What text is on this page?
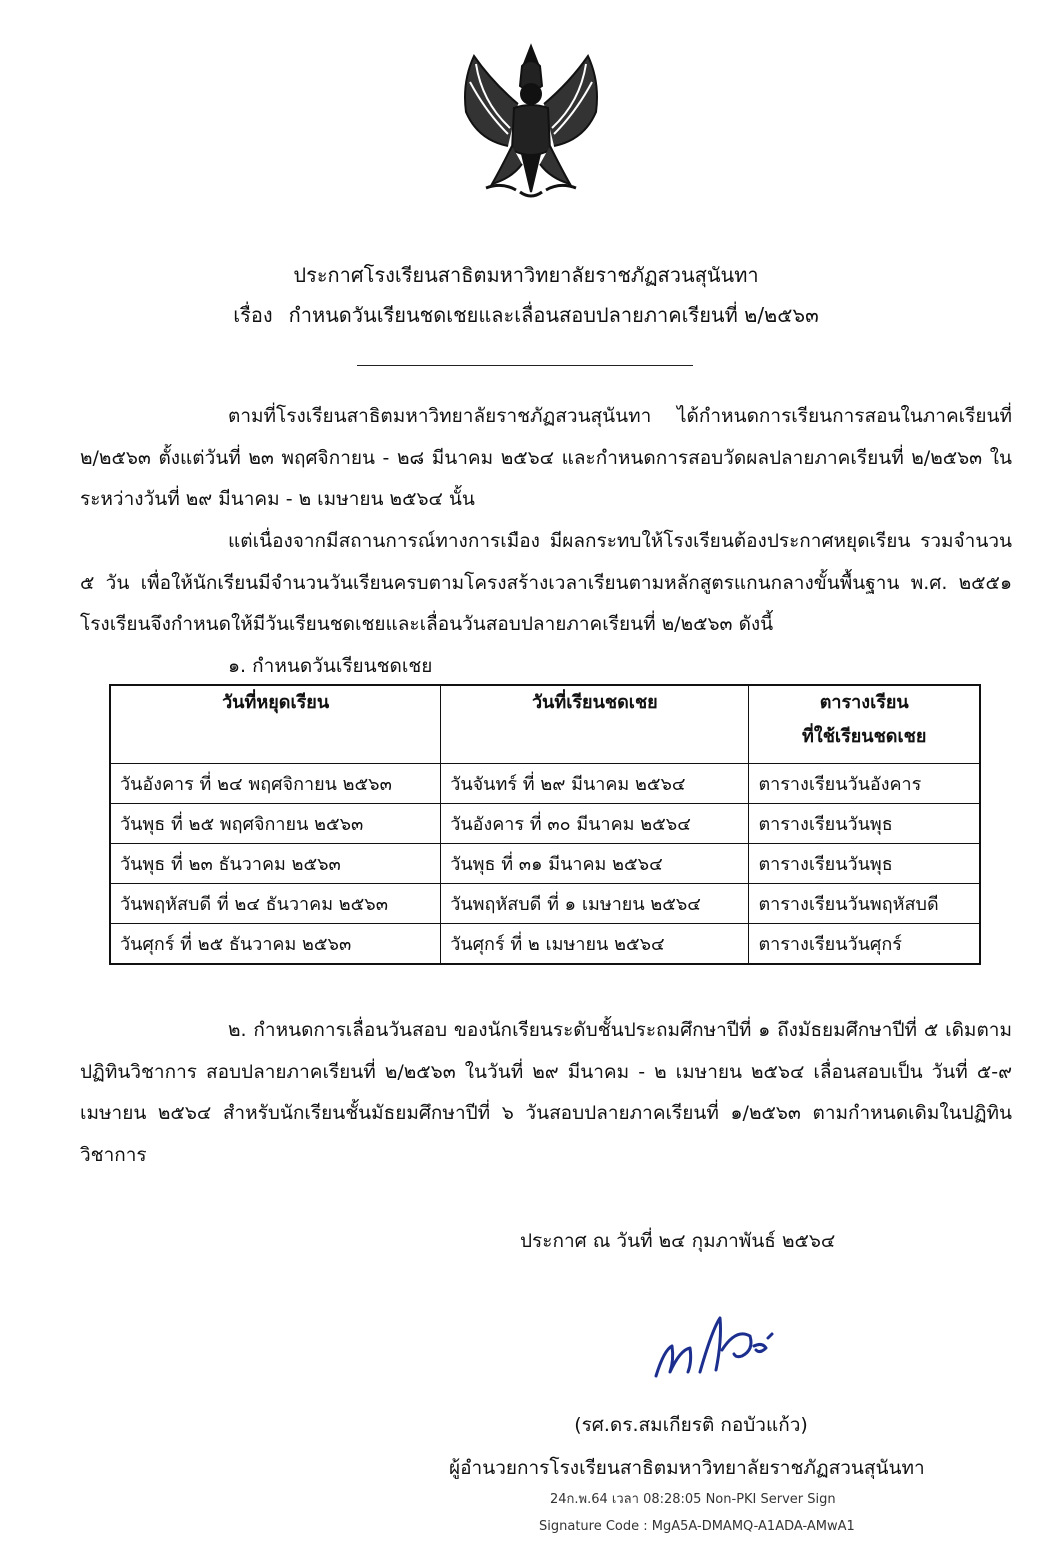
ประกาศโรงเรียนสาธิตมหาวิทยาลัยราชภัฏสวนสุนันทา
เรื่อง กำหนดวันเรียนชดเชยและเลื่อนสอบปลายภาคเรียนที่ ๒/๒๕๖๓
ตามที่โรงเรียนสาธิตมหาวิทยาลัยราชภัฏสวนสุนันทา ได้กำหนดการเรียนการสอนในภาคเรียนที่ ๒/๒๕๖๓ ตั้งแต่วันที่ ๒๓ พฤศจิกายน - ๒๘ มีนาคม ๒๕๖๔ และกำหนดการสอบวัดผลปลายภาคเรียนที่ ๒/๒๕๖๓ ในระหว่างวันที่ ๒๙ มีนาคม - ๒ เมษายน ๒๕๖๔ นั้น
แต่เนื่องจากมีสถานการณ์ทางการเมือง มีผลกระทบให้โรงเรียนต้องประกาศหยุดเรียน รวมจำนวน ๕ วัน เพื่อให้นักเรียนมีจำนวนวันเรียนครบตามโครงสร้างเวลาเรียนตามหลักสูตรแกนกลางขั้นพื้นฐาน พ.ศ. ๒๕๕๑ โรงเรียนจึงกำหนดให้มีวันเรียนชดเชยและเลื่อนวันสอบปลายภาคเรียนที่ ๒/๒๕๖๓ ดังนี้
๑. กำหนดวันเรียนชดเชย
วันที่หยุดเรียน	วันที่เรียนชดเชย	ตารางเรียน
ที่ใช้เรียนชดเชย
วันอังคาร ที่ ๒๔ พฤศจิกายน ๒๕๖๓	วันจันทร์ ที่ ๒๙ มีนาคม ๒๕๖๔	ตารางเรียนวันอังคาร
วันพุธ ที่ ๒๕ พฤศจิกายน ๒๕๖๓	วันอังคาร ที่ ๓๐ มีนาคม ๒๕๖๔	ตารางเรียนวันพุธ
วันพุธ ที่ ๒๓ ธันวาคม ๒๕๖๓	วันพุธ ที่ ๓๑ มีนาคม ๒๕๖๔	ตารางเรียนวันพุธ
วันพฤหัสบดี ที่ ๒๔ ธันวาคม ๒๕๖๓	วันพฤหัสบดี ที่ ๑ เมษายน ๒๕๖๔	ตารางเรียนวันพฤหัสบดี
วันศุกร์ ที่ ๒๕ ธันวาคม ๒๕๖๓	วันศุกร์ ที่ ๒ เมษายน ๒๕๖๔	ตารางเรียนวันศุกร์
๒. กำหนดการเลื่อนวันสอบ ของนักเรียนระดับชั้นประถมศึกษาปีที่ ๑ ถึงมัธยมศึกษาปีที่ ๕ เดิมตามปฏิทินวิชาการ สอบปลายภาคเรียนที่ ๒/๒๕๖๓ ในวันที่ ๒๙ มีนาคม - ๒ เมษายน ๒๕๖๔ เลื่อนสอบเป็น วันที่ ๕-๙ เมษายน ๒๕๖๔ สำหรับนักเรียนชั้นมัธยมศึกษาปีที่ ๖ วันสอบปลายภาคเรียนที่ ๑/๒๕๖๓ ตามกำหนดเดิมในปฏิทินวิชาการ
ประกาศ ณ วันที่ ๒๔ กุมภาพันธ์ ๒๕๖๔
(รศ.ดร.สมเกียรติ กอบัวแก้ว)
ผู้อำนวยการโรงเรียนสาธิตมหาวิทยาลัยราชภัฏสวนสุนันทา
24ก.พ.64 เวลา 08:28:05 Non-PKI Server Sign
Signature Code : MgA5A-DMAMQ-A1ADA-AMwA1
